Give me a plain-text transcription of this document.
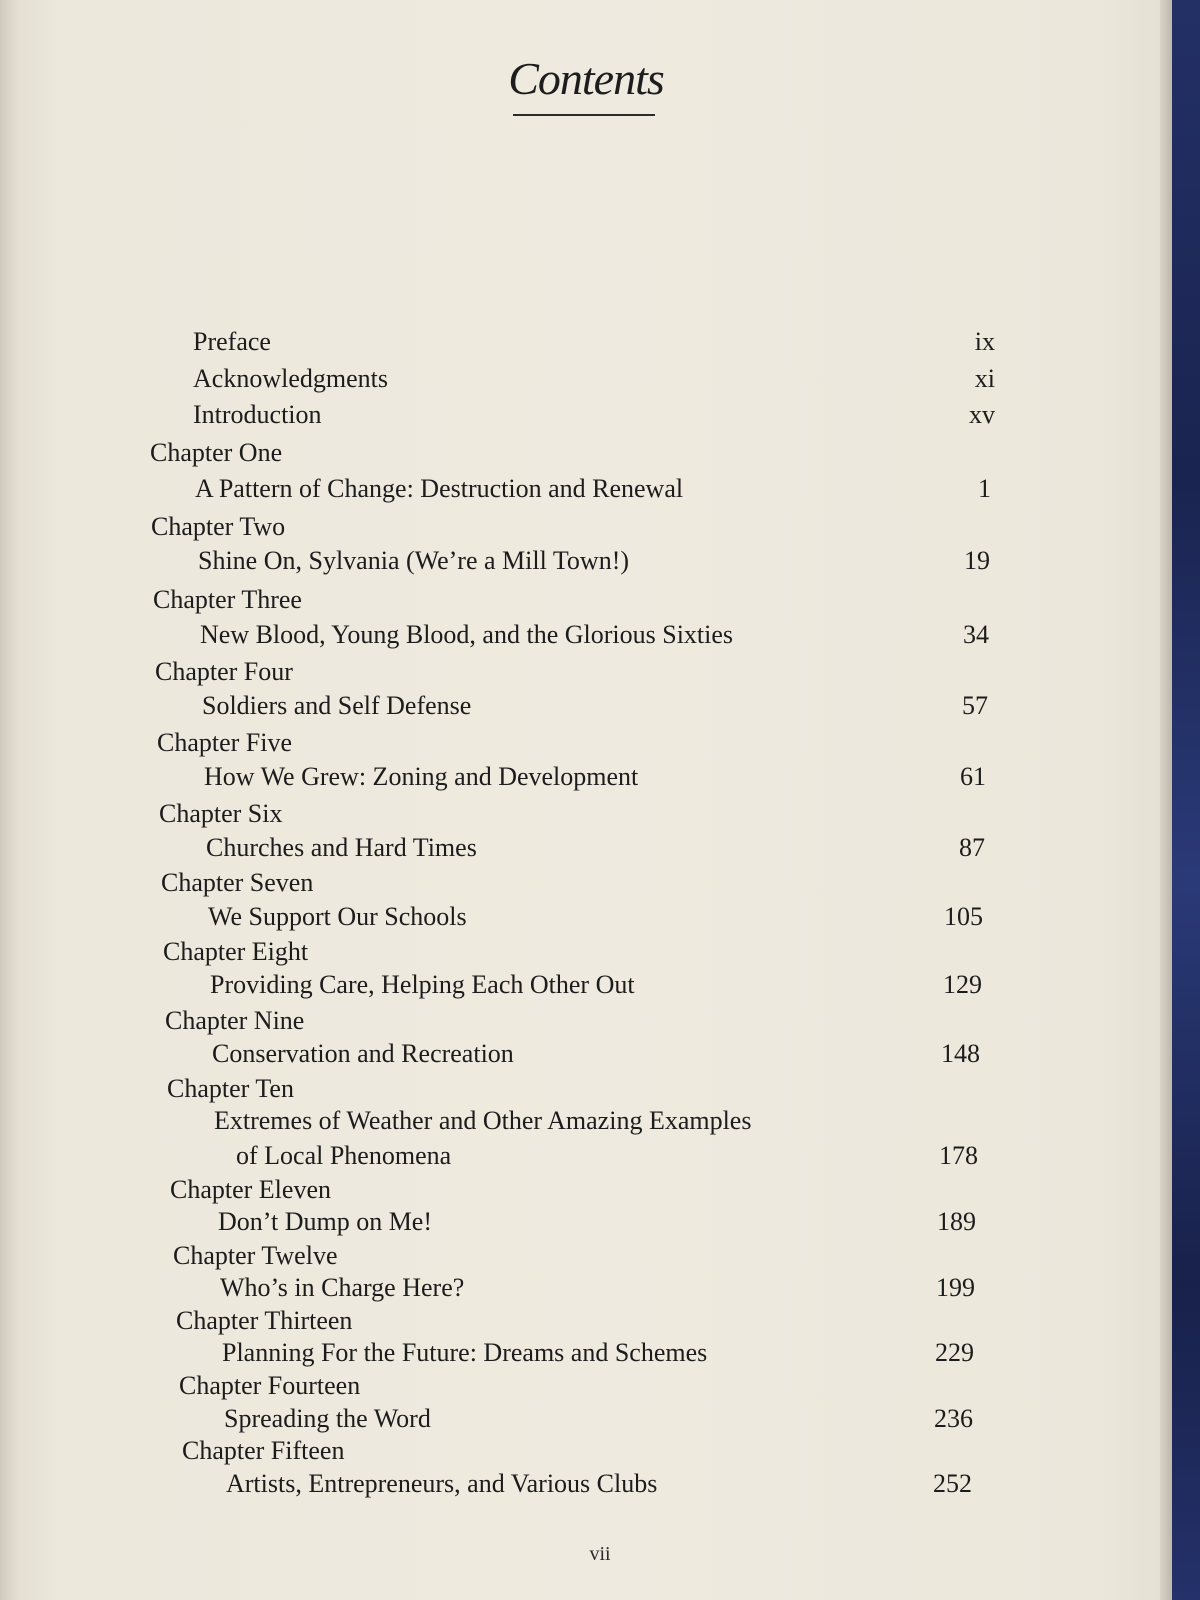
Contents
Preface	ix
Acknowledgments	xi
Introduction	xv
Chapter One
A Pattern of Change: Destruction and Renewal	1
Chapter Two
Shine On, Sylvania (We’re a Mill Town!)	19
Chapter Three
New Blood, Young Blood, and the Glorious Sixties	34
Chapter Four
Soldiers and Self Defense	57
Chapter Five
How We Grew: Zoning and Development	61
Chapter Six
Churches and Hard Times	87
Chapter Seven
We Support Our Schools	105
Chapter Eight
Providing Care, Helping Each Other Out	129
Chapter Nine
Conservation and Recreation	148
Chapter Ten
Extremes of Weather and Other Amazing Examples
of Local Phenomena	178
Chapter Eleven
Don’t Dump on Me!	189
Chapter Twelve
Who’s in Charge Here?	199
Chapter Thirteen
Planning For the Future: Dreams and Schemes	229
Chapter Fourteen
Spreading the Word	236
Chapter Fifteen
Artists, Entrepreneurs, and Various Clubs	252
vii
